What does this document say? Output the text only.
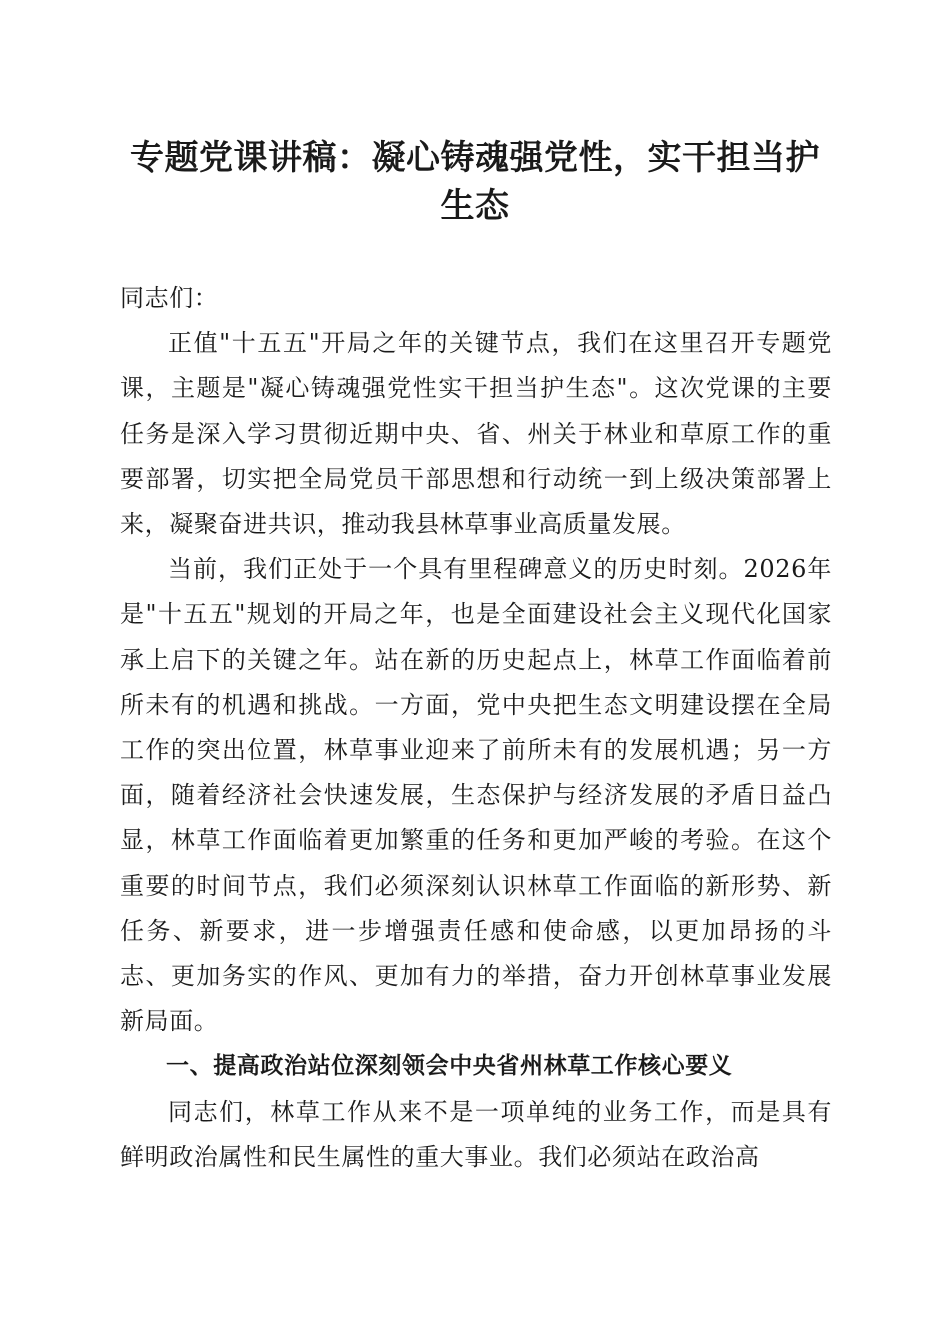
专题党课讲稿：凝心铸魂强党性，实干担当护
生态

同志们：

正值"十五五"开局之年的关键节点，我们在这里召开专题党课，主题是"凝心铸魂强党性实干担当护生态"。这次党课的主要任务是深入学习贯彻近期中央、省、州关于林业和草原工作的重要部署，切实把全局党员干部思想和行动统一到上级决策部署上来，凝聚奋进共识，推动我县林草事业高质量发展。

当前，我们正处于一个具有里程碑意义的历史时刻。2026年是"十五五"规划的开局之年，也是全面建设社会主义现代化国家承上启下的关键之年。站在新的历史起点上，林草工作面临着前所未有的机遇和挑战。一方面，党中央把生态文明建设摆在全局工作的突出位置，林草事业迎来了前所未有的发展机遇；另一方面，随着经济社会快速发展，生态保护与经济发展的矛盾日益凸显，林草工作面临着更加繁重的任务和更加严峻的考验。在这个重要的时间节点，我们必须深刻认识林草工作面临的新形势、新任务、新要求，进一步增强责任感和使命感，以更加昂扬的斗志、更加务实的作风、更加有力的举措，奋力开创林草事业发展新局面。

一、提高政治站位深刻领会中央省州林草工作核心要义

同志们，林草工作从来不是一项单纯的业务工作，而是具有鲜明政治属性和民生属性的重大事业。我们必须站在政治高
